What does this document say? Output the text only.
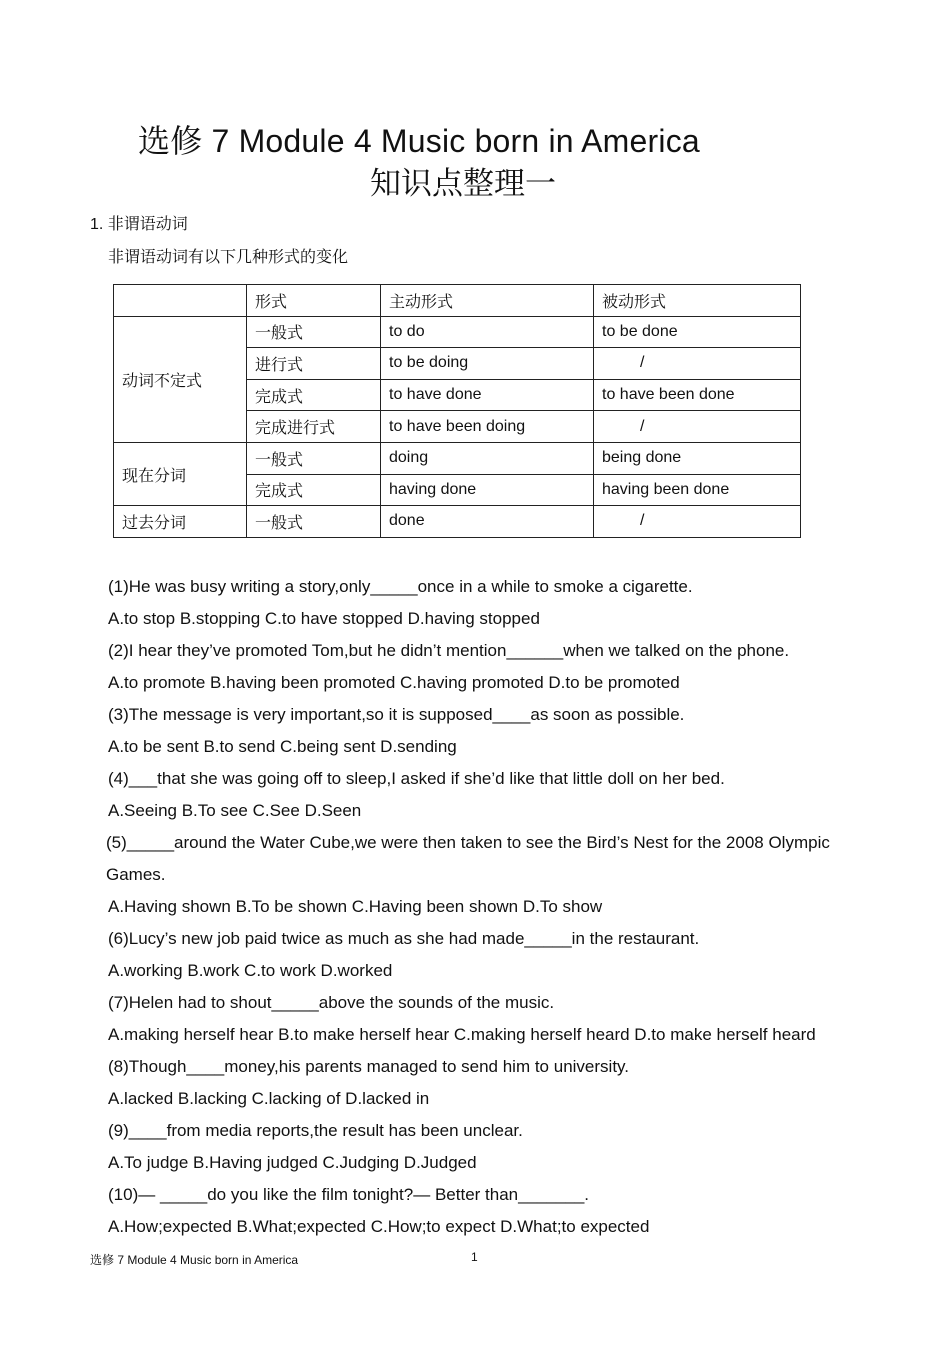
选修 7 Module 4 Music born in America
知识点整理一
1. 非谓语动词
非谓语动词有以下几种形式的变化
	形式	主动形式	被动形式
动词不定式	一般式	to do	to be done
	进行式	to be doing	/
	完成式	to have done	to have been done
	完成进行式	to have been doing	/
现在分词	一般式	doing	being done
	完成式	having done	having been done
过去分词	一般式	done	/
(1)He was busy writing a story,only_____once in a while to smoke a cigarette.
A.to stop B.stopping C.to have stopped D.having stopped
(2)I hear they’ve promoted Tom,but he didn’t mention______when we talked on the phone.
A.to promote B.having been promoted C.having promoted D.to be promoted
(3)The message is very important,so it is supposed____as soon as possible.
A.to be sent B.to send C.being sent D.sending
(4)___that she was going off to sleep,I asked if she’d like that little doll on her bed.
A.Seeing B.To see C.See D.Seen
(5)_____around the Water Cube,we were then taken to see the Bird’s Nest for the 2008 Olympic
Games.
A.Having shown B.To be shown C.Having been shown D.To show
(6)Lucy’s new job paid twice as much as she had made_____in the restaurant.
A.working B.work C.to work D.worked
(7)Helen had to shout_____above the sounds of the music.
A.making herself hear B.to make herself hear C.making herself heard D.to make herself heard
(8)Though____money,his parents managed to send him to university.
A.lacked B.lacking C.lacking of D.lacked in
(9)____from media reports,the result has been unclear.
A.To judge B.Having judged C.Judging D.Judged
(10)— _____do you like the film tonight?— Better than_______.
A.How;expected B.What;expected C.How;to expect D.What;to expected
选修 7 Module 4 Music born in America	1
